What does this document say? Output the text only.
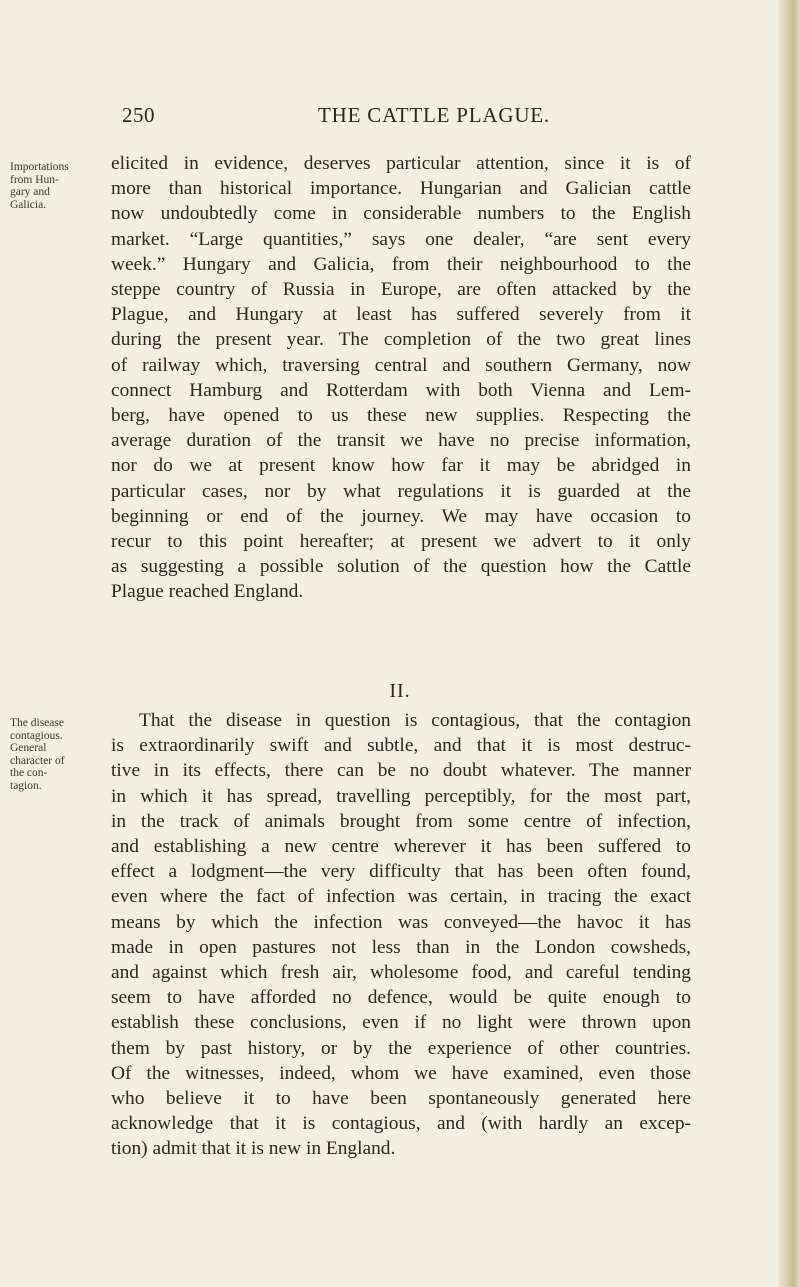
250	THE CATTLE PLAGUE.
Importations
from Hun-
gary and
Galicia.
The disease
contagious.
General
character of
the con-
tagion.
elicited in evidence, deserves particular attention, since it is of
more than historical importance. Hungarian and Galician cattle
now undoubtedly come in considerable numbers to the English
market. “Large quantities,” says one dealer, “are sent every
week.” Hungary and Galicia, from their neighbourhood to the
steppe country of Russia in Europe, are often attacked by the
Plague, and Hungary at least has suffered severely from it
during the present year. The completion of the two great lines
of railway which, traversing central and southern Germany, now
connect Hamburg and Rotterdam with both Vienna and Lem-
berg, have opened to us these new supplies. Respecting the
average duration of the transit we have no precise information,
nor do we at present know how far it may be abridged in
particular cases, nor by what regulations it is guarded at the
beginning or end of the journey. We may have occasion to
recur to this point hereafter; at present we advert to it only
as suggesting a possible solution of the question how the Cattle
Plague reached England.
II.
That the disease in question is contagious, that the contagion
is extraordinarily swift and subtle, and that it is most destruc-
tive in its effects, there can be no doubt whatever. The manner
in which it has spread, travelling perceptibly, for the most part,
in the track of animals brought from some centre of infection,
and establishing a new centre wherever it has been suffered to
effect a lodgment—the very difficulty that has been often found,
even where the fact of infection was certain, in tracing the exact
means by which the infection was conveyed—the havoc it has
made in open pastures not less than in the London cowsheds,
and against which fresh air, wholesome food, and careful tending
seem to have afforded no defence, would be quite enough to
establish these conclusions, even if no light were thrown upon
them by past history, or by the experience of other countries.
Of the witnesses, indeed, whom we have examined, even those
who believe it to have been spontaneously generated here
acknowledge that it is contagious, and (with hardly an excep-
tion) admit that it is new in England.
